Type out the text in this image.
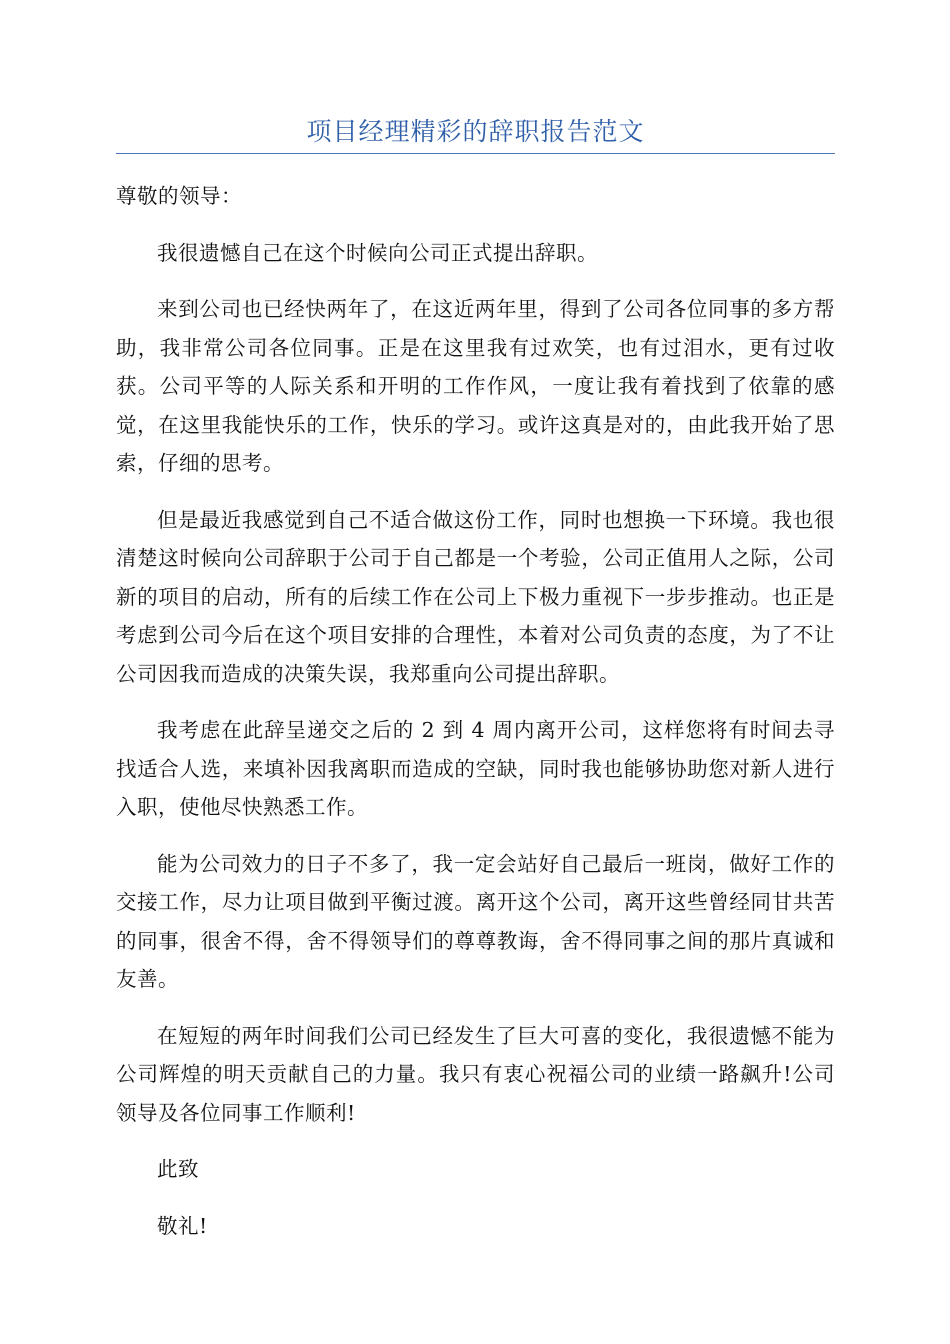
项目经理精彩的辞职报告范文

尊敬的领导：

我很遗憾自己在这个时候向公司正式提出辞职。

来到公司也已经快两年了，在这近两年里，得到了公司各位同事的多方帮助，我非常公司各位同事。正是在这里我有过欢笑，也有过泪水，更有过收获。公司平等的人际关系和开明的工作作风，一度让我有着找到了依靠的感觉，在这里我能快乐的工作，快乐的学习。或许这真是对的，由此我开始了思索，仔细的思考。

但是最近我感觉到自己不适合做这份工作，同时也想换一下环境。我也很清楚这时候向公司辞职于公司于自己都是一个考验，公司正值用人之际，公司新的项目的启动，所有的后续工作在公司上下极力重视下一步步推动。也正是考虑到公司今后在这个项目安排的合理性，本着对公司负责的态度，为了不让公司因我而造成的决策失误，我郑重向公司提出辞职。

我考虑在此辞呈递交之后的 2 到 4 周内离开公司，这样您将有时间去寻找适合人选，来填补因我离职而造成的空缺，同时我也能够协助您对新人进行入职，使他尽快熟悉工作。

能为公司效力的日子不多了，我一定会站好自己最后一班岗，做好工作的交接工作，尽力让项目做到平衡过渡。离开这个公司，离开这些曾经同甘共苦的同事，很舍不得，舍不得领导们的尊尊教诲，舍不得同事之间的那片真诚和友善。

在短短的两年时间我们公司已经发生了巨大可喜的变化，我很遗憾不能为公司辉煌的明天贡献自己的力量。我只有衷心祝福公司的业绩一路飙升!公司领导及各位同事工作顺利!

此致

敬礼!
